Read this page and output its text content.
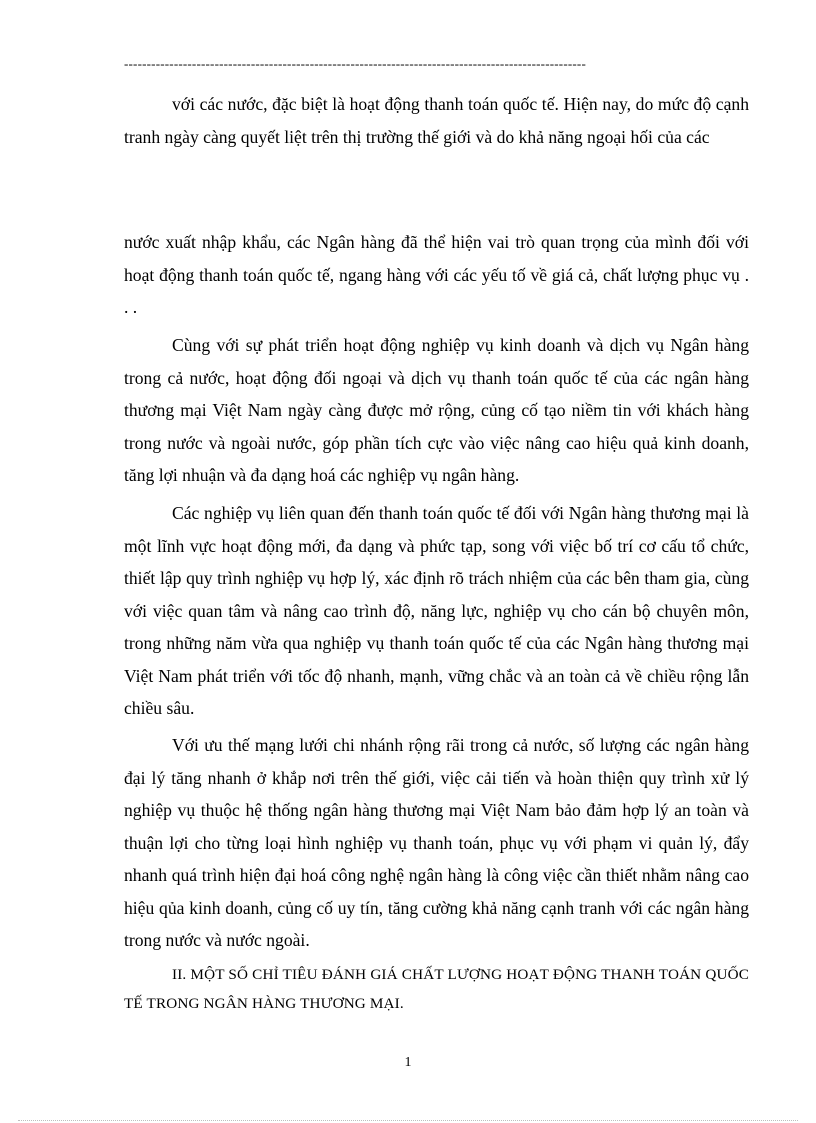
------------------------------------------------------------------------------------------------------

với các nước, đặc biệt là hoạt động thanh toán quốc tế. Hiện nay, do mức độ cạnh tranh ngày càng quyết liệt trên thị trường thế giới và do khả năng ngoại hối của các

nước xuất nhập khẩu, các Ngân hàng đã thể hiện vai trò quan trọng của mình đối với hoạt động thanh toán quốc tế, ngang hàng với các yếu tố về giá cả, chất lượng phục vụ . . .

Cùng với sự phát triển hoạt động nghiệp vụ kinh doanh và dịch vụ Ngân hàng trong cả nước, hoạt động đối ngoại và dịch vụ thanh toán quốc tế của các ngân hàng thương mại Việt Nam ngày càng được mở rộng, củng cố tạo niềm tin với khách hàng trong nước và ngoài nước, góp phần tích cực vào việc nâng cao hiệu quả kinh doanh, tăng lợi nhuận và đa dạng hoá các nghiệp vụ ngân hàng.

Các nghiệp vụ liên quan đến thanh toán quốc tế đối với Ngân hàng thương mại là một lĩnh vực hoạt động mới, đa dạng và phức tạp, song với việc bố trí cơ cấu tổ chức, thiết lập quy trình nghiệp vụ hợp lý, xác định rõ trách nhiệm của các bên tham gia, cùng với việc quan tâm và nâng cao trình độ, năng lực, nghiệp vụ cho cán bộ chuyên môn, trong những năm vừa qua nghiệp vụ thanh toán quốc tế của các Ngân hàng thương mại Việt Nam phát triển với tốc độ nhanh, mạnh, vững chắc và an toàn cả về chiều rộng lẫn chiều sâu.

Với ưu thế mạng lưới chi nhánh rộng rãi trong cả nước, số lượng các ngân hàng đại lý tăng nhanh ở khắp nơi trên thế giới, việc cải tiến và hoàn thiện quy trình xử lý nghiệp vụ thuộc hệ thống ngân hàng thương mại Việt Nam bảo đảm hợp lý an toàn và thuận lợi cho từng loại hình nghiệp vụ thanh toán, phục vụ với phạm vi quản lý, đẩy nhanh quá trình hiện đại hoá công nghệ ngân hàng là công việc cần thiết nhằm nâng cao hiệu qủa kinh doanh, củng cố uy tín, tăng cường khả năng cạnh tranh với các ngân hàng trong nước và nước ngoài.

II. MỘT SỐ CHỈ TIÊU ĐÁNH GIÁ CHẤT LƯỢNG HOẠT ĐỘNG THANH TOÁN QUỐC TẾ TRONG NGÂN HÀNG THƯƠNG MẠI.

1
